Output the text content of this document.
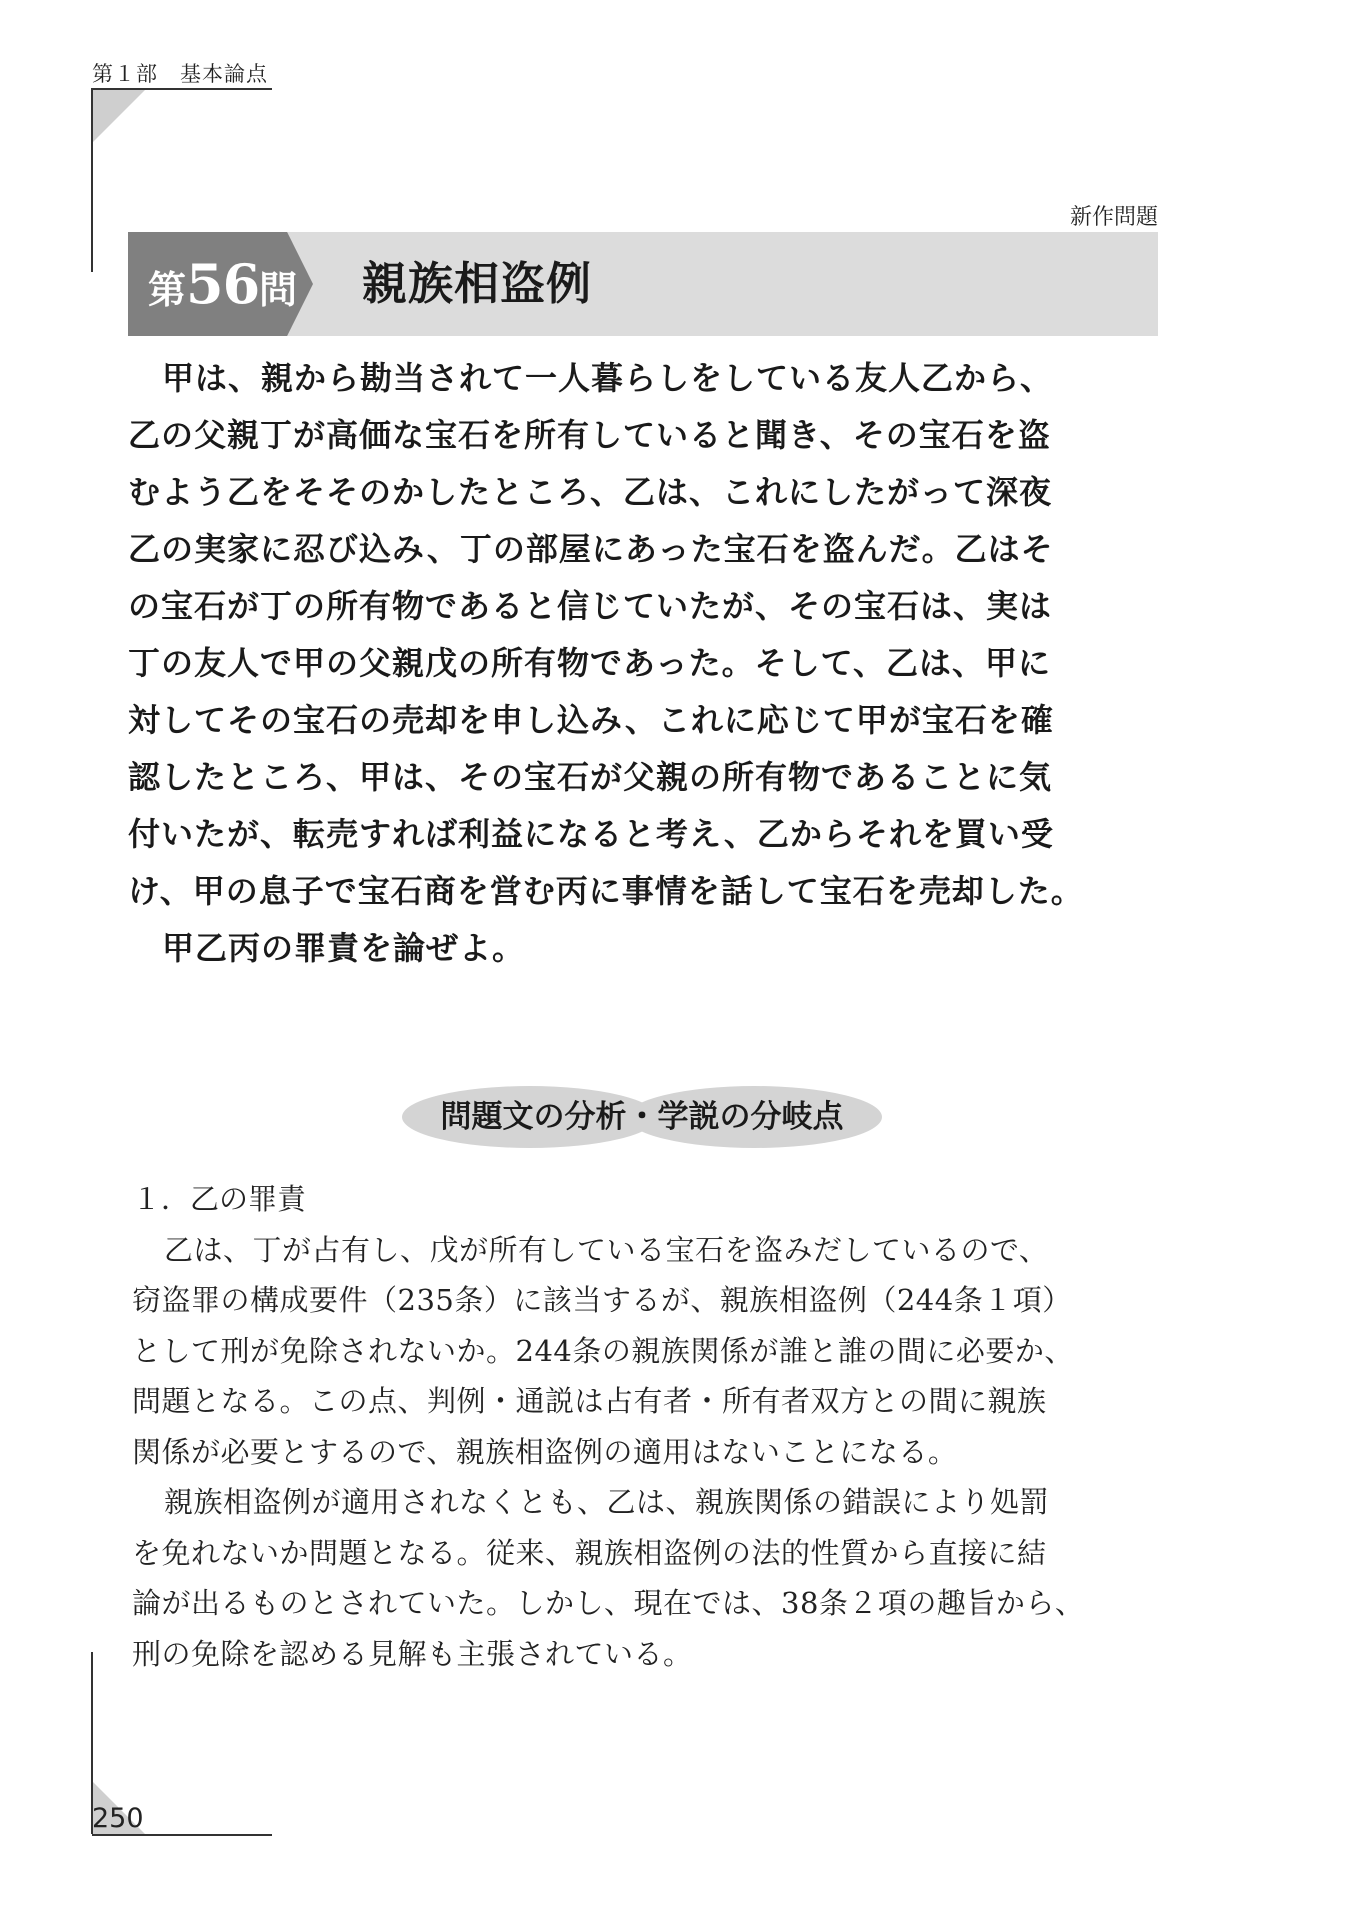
第１部　基本論点
新作問題
第56問 親族相盗例
甲は、親から勘当されて一人暮らしをしている友人乙から、
乙の父親丁が高価な宝石を所有していると聞き、その宝石を盗
むよう乙をそそのかしたところ、乙は、これにしたがって深夜
乙の実家に忍び込み、丁の部屋にあった宝石を盗んだ。乙はそ
の宝石が丁の所有物であると信じていたが、その宝石は、実は
丁の友人で甲の父親戊の所有物であった。そして、乙は、甲に
対してその宝石の売却を申し込み、これに応じて甲が宝石を確
認したところ、甲は、その宝石が父親の所有物であることに気
付いたが、転売すれば利益になると考え、乙からそれを買い受
け、甲の息子で宝石商を営む丙に事情を話して宝石を売却した。
甲乙丙の罪責を論ぜよ。
問題文の分析・学説の分岐点
１．乙の罪責
乙は、丁が占有し、戊が所有している宝石を盗みだしているので、
窃盗罪の構成要件（235条）に該当するが、親族相盗例（244条１項）
として刑が免除されないか。244条の親族関係が誰と誰の間に必要か、
問題となる。この点、判例・通説は占有者・所有者双方との間に親族
関係が必要とするので、親族相盗例の適用はないことになる。
親族相盗例が適用されなくとも、乙は、親族関係の錯誤により処罰
を免れないか問題となる。従来、親族相盗例の法的性質から直接に結
論が出るものとされていた。しかし、現在では、38条２項の趣旨から、
刑の免除を認める見解も主張されている。
250
